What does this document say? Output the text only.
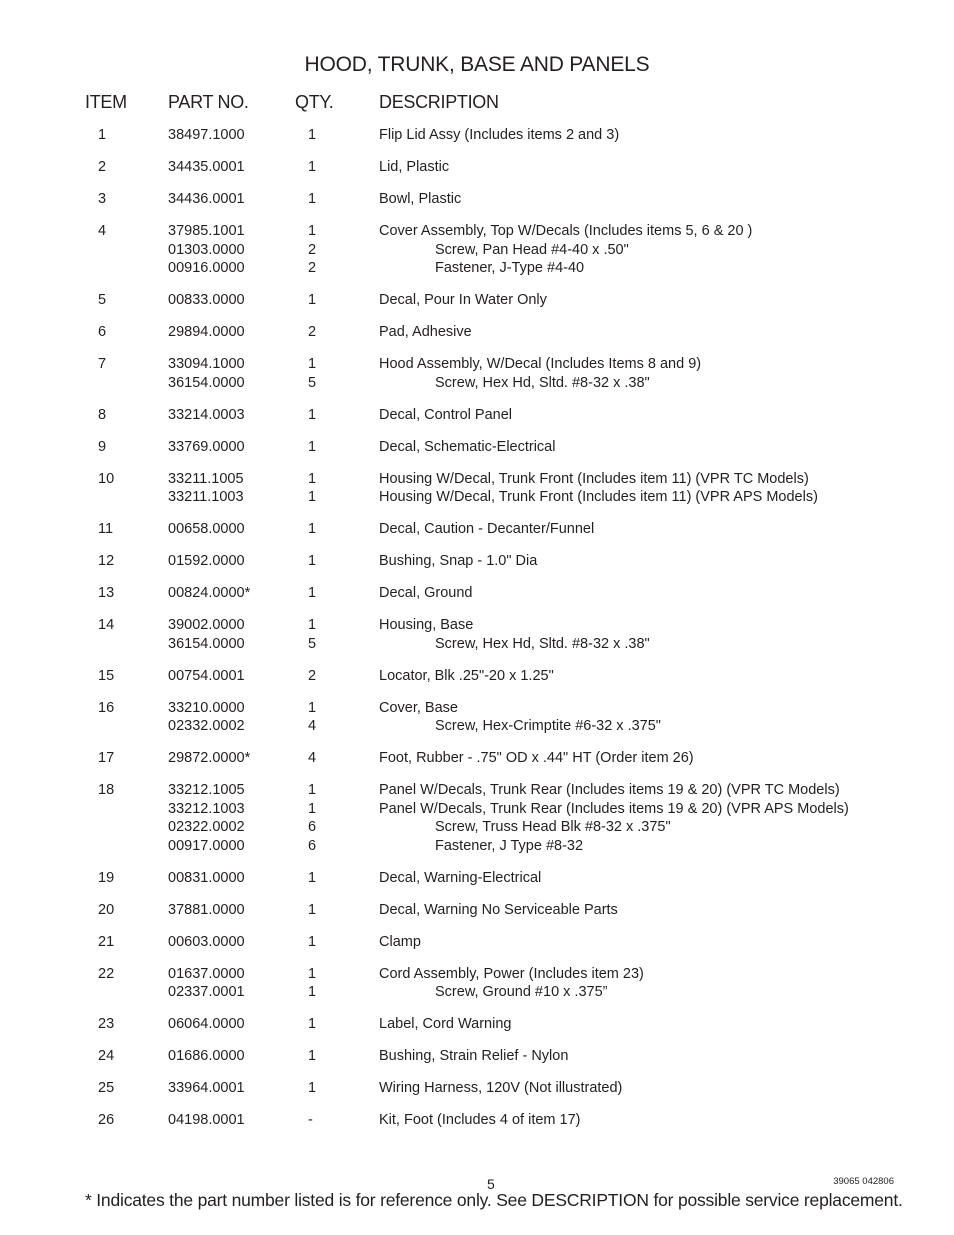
HOOD, TRUNK, BASE AND PANELS
ITEM PART NO.	QTY.	DESCRIPTION
1	38497.1000	1	Flip Lid Assy (Includes items 2 and 3)
2	34435.0001	1	Lid, Plastic
3	34436.0001	1	Bowl, Plastic
4	37985.1001	1	Cover Assembly, Top W/Decals (Includes items 5, 6 & 20 )
01303.0000	2	Screw, Pan Head #4-40 x .50"
00916.0000	2	Fastener, J-Type #4-40
5	00833.0000	1	Decal, Pour In Water Only
6	29894.0000	2	Pad, Adhesive
7	33094.1000	1	Hood Assembly, W/Decal (Includes Items 8 and 9)
36154.0000	5	Screw, Hex Hd, Sltd. #8-32 x .38"
8	33214.0003	1	Decal, Control Panel
9	33769.0000	1	Decal, Schematic-Electrical
10	33211.1005	1	Housing W/Decal, Trunk Front (Includes item 11) (VPR TC Models)
33211.1003	1	Housing W/Decal, Trunk Front (Includes item 11) (VPR APS Models)
11	00658.0000	1	Decal, Caution - Decanter/Funnel
12	01592.0000	1	Bushing, Snap - 1.0" Dia
13	00824.0000*	1	Decal, Ground
14	39002.0000	1	Housing, Base
36154.0000	5	Screw, Hex Hd, Sltd. #8-32 x .38"
15	00754.0001	2	Locator, Blk .25"-20 x 1.25"
16	33210.0000	1	Cover, Base
02332.0002	4	Screw, Hex-Crimptite #6-32 x .375"
17	29872.0000*	4	Foot, Rubber - .75" OD x .44" HT (Order item 26)
18	33212.1005	1	Panel W/Decals, Trunk Rear (Includes items 19 & 20) (VPR TC Models)
33212.1003	1	Panel W/Decals, Trunk Rear (Includes items 19 & 20) (VPR APS Models)
02322.0002	6	Screw, Truss Head Blk #8-32 x .375"
00917.0000	6	Fastener, J Type #8-32
19	00831.0000	1	Decal, Warning-Electrical
20	37881.0000	1	Decal, Warning No Serviceable Parts
21	00603.0000	1	Clamp
22	01637.0000	1	Cord Assembly, Power (Includes item 23)
02337.0001	1	Screw, Ground #10 x .375”
23	06064.0000	1	Label, Cord Warning
24	01686.0000	1	Bushing, Strain Relief - Nylon
25	33964.0001	1	Wiring Harness, 120V (Not illustrated)
26	04198.0001	-	Kit, Foot (Includes 4 of item 17)
5	39065 042806
* Indicates the part number listed is for reference only. See DESCRIPTION for possible service replacement.
